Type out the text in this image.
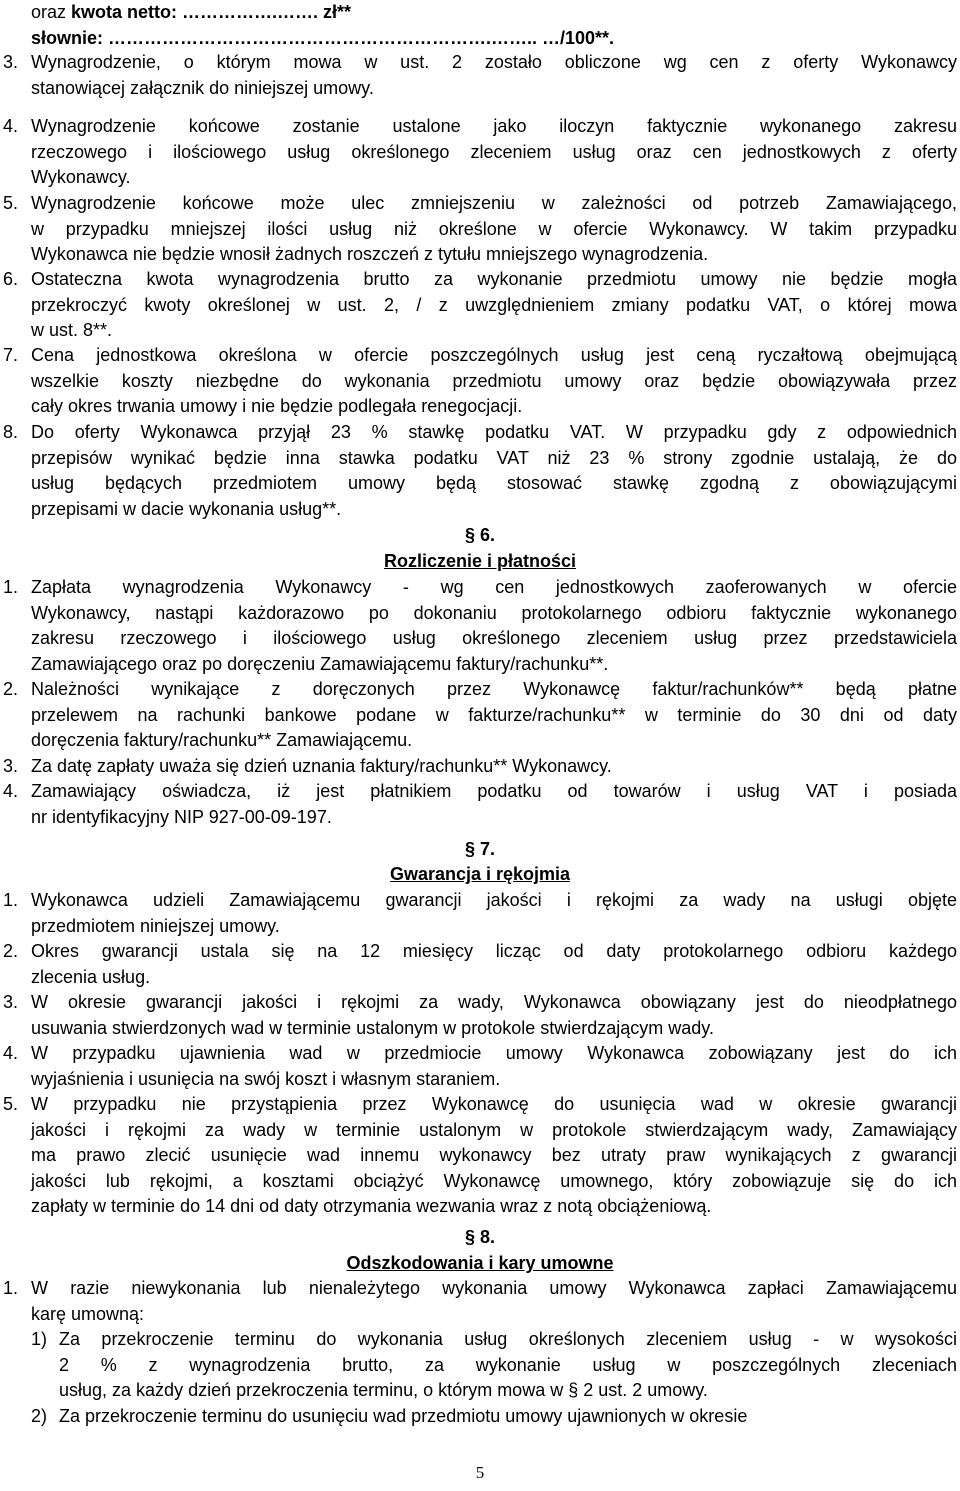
oraz kwota netto: …………….……. zł**
słownie: ……………………………………………………….…….. …/100**.
3. Wynagrodzenie, o którym mowa w ust. 2 zostało obliczone wg cen z oferty Wykonawcy
stanowiącej załącznik do niniejszej umowy.
4. Wynagrodzenie końcowe zostanie ustalone jako iloczyn faktycznie wykonanego zakresu
rzeczowego i ilościowego usług określonego zleceniem usług oraz cen jednostkowych z oferty
Wykonawcy.
5. Wynagrodzenie końcowe może ulec zmniejszeniu w zależności od potrzeb Zamawiającego,
w przypadku mniejszej ilości usług niż określone w ofercie Wykonawcy. W takim przypadku
Wykonawca nie będzie wnosił żadnych roszczeń z tytułu mniejszego wynagrodzenia.
6. Ostateczna kwota wynagrodzenia brutto za wykonanie przedmiotu umowy nie będzie mogła
przekroczyć kwoty określonej w ust. 2, / z uwzględnieniem zmiany podatku VAT, o której mowa
w ust. 8**.
7. Cena jednostkowa określona w ofercie poszczególnych usług jest ceną ryczałtową obejmującą
wszelkie koszty niezbędne do wykonania przedmiotu umowy oraz będzie obowiązywała przez
cały okres trwania umowy i nie będzie podlegała renegocjacji.
8. Do oferty Wykonawca przyjął 23 % stawkę podatku VAT. W przypadku gdy z odpowiednich
przepisów wynikać będzie inna stawka podatku VAT niż 23 % strony zgodnie ustalają, że do
usług będących przedmiotem umowy będą stosować stawkę zgodną z obowiązującymi
przepisami w dacie wykonania usług**.
§ 6.
Rozliczenie i płatności
1. Zapłata wynagrodzenia Wykonawcy - wg cen jednostkowych zaoferowanych w ofercie
Wykonawcy, nastąpi każdorazowo po dokonaniu protokolarnego odbioru faktycznie wykonanego
zakresu rzeczowego i ilościowego usług określonego zleceniem usług przez przedstawiciela
Zamawiającego oraz po doręczeniu Zamawiającemu faktury/rachunku**.
2. Należności wynikające z doręczonych przez Wykonawcę faktur/rachunków** będą płatne
przelewem na rachunki bankowe podane w fakturze/rachunku** w terminie do 30 dni od daty
doręczenia faktury/rachunku** Zamawiającemu.
3. Za datę zapłaty uważa się dzień uznania faktury/rachunku** Wykonawcy.
4. Zamawiający oświadcza, iż jest płatnikiem podatku od towarów i usług VAT i posiada
nr identyfikacyjny NIP 927-00-09-197.
§ 7.
Gwarancja i rękojmia
1. Wykonawca udzieli Zamawiającemu gwarancji jakości i rękojmi za wady na usługi objęte
przedmiotem niniejszej umowy.
2. Okres gwarancji ustala się na 12 miesięcy licząc od daty protokolarnego odbioru każdego
zlecenia usług.
3. W okresie gwarancji jakości i rękojmi za wady, Wykonawca obowiązany jest do nieodpłatnego
usuwania stwierdzonych wad w terminie ustalonym w protokole stwierdzającym wady.
4. W przypadku ujawnienia wad w przedmiocie umowy Wykonawca zobowiązany jest do ich
wyjaśnienia i usunięcia na swój koszt i własnym staraniem.
5. W przypadku nie przystąpienia przez Wykonawcę do usunięcia wad w okresie gwarancji
jakości i rękojmi za wady w terminie ustalonym w protokole stwierdzającym wady, Zamawiający
ma prawo zlecić usunięcie wad innemu wykonawcy bez utraty praw wynikających z gwarancji
jakości lub rękojmi, a kosztami obciążyć Wykonawcę umownego, który zobowiązuje się do ich
zapłaty w terminie do 14 dni od daty otrzymania wezwania wraz z notą obciążeniową.
§ 8.
Odszkodowania i kary umowne
1. W razie niewykonania lub nienależytego wykonania umowy Wykonawca zapłaci Zamawiającemu
karę umowną:
1) Za przekroczenie terminu do wykonania usług określonych zleceniem usług - w wysokości
2 % z wynagrodzenia brutto, za wykonanie usług w poszczególnych zleceniach
usług, za każdy dzień przekroczenia terminu, o którym mowa w § 2 ust. 2 umowy.
2) Za przekroczenie terminu do usunięciu wad przedmiotu umowy ujawnionych w okresie
5
